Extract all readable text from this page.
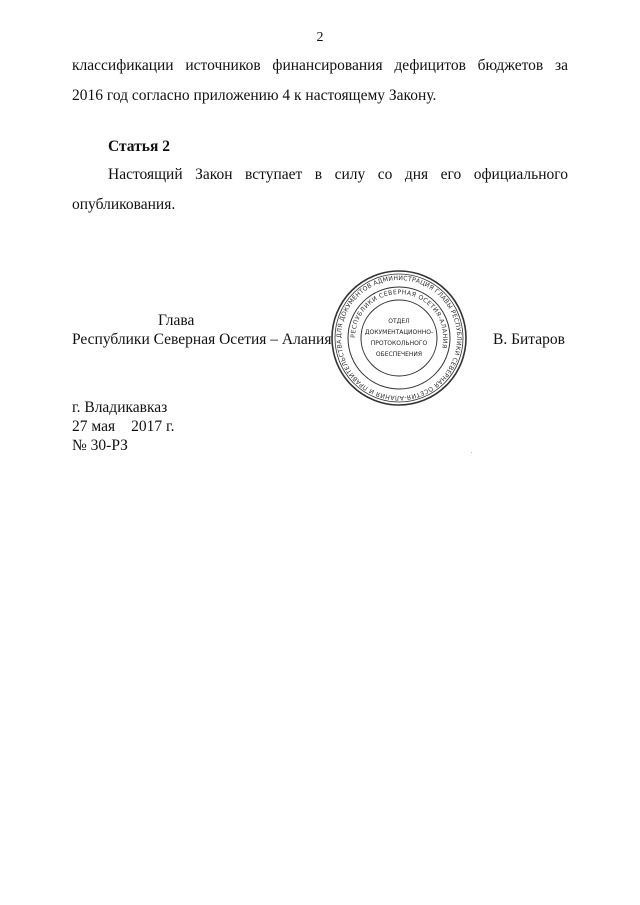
2
классификации источников финансирования дефицитов бюджетов за
2016 год согласно приложению 4 к настоящему Закону.
Статья 2
Настоящий Закон вступает в силу со дня его официального
опубликования.
Глава
Республики Северная Осетия – Алания	В. Битаров
ДЛЯ ДОКУМЕНТОВ АДМИНИСТРАЦИЯ ГЛАВЫ РЕСПУБЛИКИ СЕВЕРНАЯ ОСЕТИЯ-АЛАНИЯ И ПРАВИТЕЛЬСТВА
РЕСПУБЛИКИ СЕВЕРНАЯ ОСЕТИЯ-АЛАНИЯ
ОТДЕЛ
ДОКУМЕНТАЦИОННО-
ПРОТОКОЛЬНОГО
ОБЕСПЕЧЕНИЯ
г. Владикавказ
27 мая 2017 г.
№ 30-РЗ
